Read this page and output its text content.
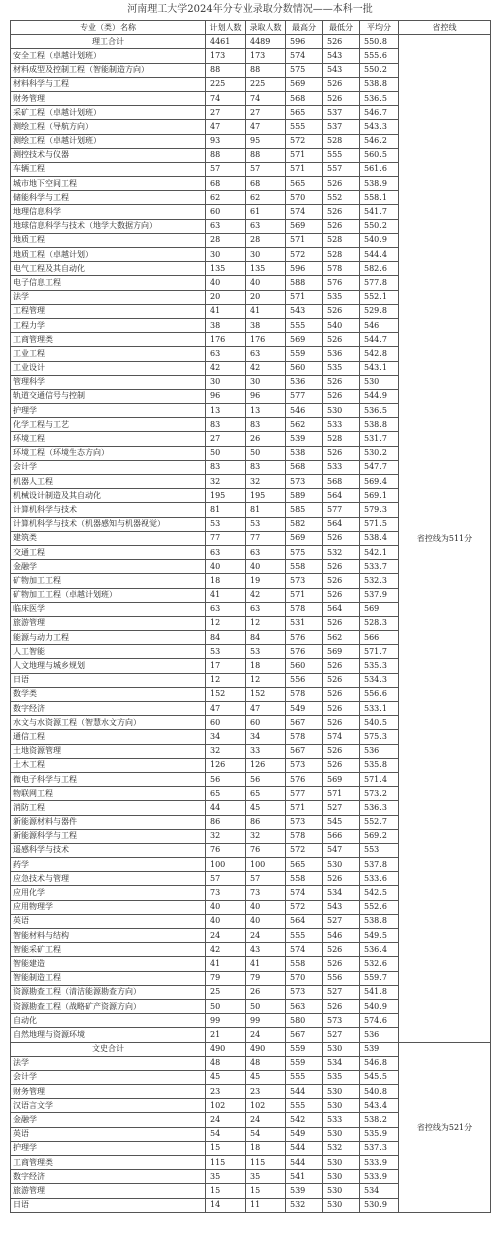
河南理工大学2024年分专业录取分数情况——本科一批
专业（类）名称	计划人数	录取人数	最高分	最低分	平均分	省控线
理工合计	4461	4489	596	526	550.8	省控线为511分
安全工程（卓越计划班）	173	173	574	543	555.6	
材料成型及控制工程（智能制造方向）	88	88	575	543	550.2	
材料科学与工程	225	225	569	526	538.8	
财务管理	74	74	568	526	536.5	
采矿工程（卓越计划班）	27	27	565	537	546.7	
测绘工程（导航方向）	47	47	555	537	543.3	
测绘工程（卓越计划班）	93	95	572	528	546.2	
测控技术与仪器	88	88	571	555	560.5	
车辆工程	57	57	571	557	561.6	
城市地下空间工程	68	68	565	526	538.9	
储能科学与工程	62	62	570	552	558.1	
地理信息科学	60	61	574	526	541.7	
地球信息科学与技术（地学大数据方向）	63	63	569	526	550.2	
地质工程	28	28	571	528	540.9	
地质工程（卓越计划）	30	30	572	528	544.4	
电气工程及其自动化	135	135	596	578	582.6	
电子信息工程	40	40	588	576	577.8	
法学	20	20	571	535	552.1	
工程管理	41	41	543	526	529.8	
工程力学	38	38	555	540	546	
工商管理类	176	176	569	526	544.7	
工业工程	63	63	559	536	542.8	
工业设计	42	42	560	535	543.1	
管理科学	30	30	536	526	530	
轨道交通信号与控制	96	96	577	526	544.9	
护理学	13	13	546	530	536.5	
化学工程与工艺	83	83	562	533	538.8	
环境工程	27	26	539	528	531.7	
环境工程（环境生态方向）	50	50	538	526	530.2	
会计学	83	83	568	533	547.7	
机器人工程	32	32	573	568	569.4	
机械设计制造及其自动化	195	195	589	564	569.1	
计算机科学与技术	81	81	585	577	579.3	
计算机科学与技术（机器感知与机器视觉）	53	53	582	564	571.5	
建筑类	77	77	569	526	538.4	
交通工程	63	63	575	532	542.1	
金融学	40	40	558	526	533.7	
矿物加工工程	18	19	573	526	532.3	
矿物加工工程（卓越计划班）	41	42	571	526	537.9	
临床医学	63	63	578	564	569	
旅游管理	12	12	531	526	528.3	
能源与动力工程	84	84	576	562	566	
人工智能	53	53	576	569	571.7	
人文地理与城乡规划	17	18	560	526	535.3	
日语	12	12	556	526	534.3	
数学类	152	152	578	526	556.6	
数字经济	47	47	549	526	533.1	
水文与水资源工程（智慧水文方向）	60	60	567	526	540.5	
通信工程	34	34	578	574	575.3	
土地资源管理	32	33	567	526	536	
土木工程	126	126	573	526	535.8	
微电子科学与工程	56	56	576	569	571.4	
物联网工程	65	65	577	571	573.2	
消防工程	44	45	571	527	536.3	
新能源材料与器件	86	86	573	545	552.7	
新能源科学与工程	32	32	578	566	569.2	
遥感科学与技术	76	76	572	547	553	
药学	100	100	565	530	537.8	
应急技术与管理	57	57	558	526	533.6	
应用化学	73	73	574	534	542.5	
应用物理学	40	40	572	543	552.6	
英语	40	40	564	527	538.8	
智能材料与结构	24	24	555	546	549.5	
智能采矿工程	42	43	574	526	536.4	
智能建造	41	41	558	526	532.6	
智能制造工程	79	79	570	556	559.7	
资源勘查工程（清洁能源勘查方向）	25	26	573	527	541.8	
资源勘查工程（战略矿产资源方向）	50	50	563	526	540.9	
自动化	99	99	580	573	574.6	
自然地理与资源环境	21	24	567	527	536	
文史合计	490	490	559	530	539	省控线为521分
法学	48	48	559	534	546.8	
会计学	45	45	555	535	545.5	
财务管理	23	23	544	530	540.8	
汉语言文学	102	102	555	530	543.4	
金融学	24	24	542	533	538.2	
英语	54	54	549	530	535.9	
护理学	15	18	544	532	537.3	
工商管理类	115	115	544	530	533.9	
数字经济	35	35	541	530	533.9	
旅游管理	15	15	539	530	534	
日语	14	11	532	530	530.9	
